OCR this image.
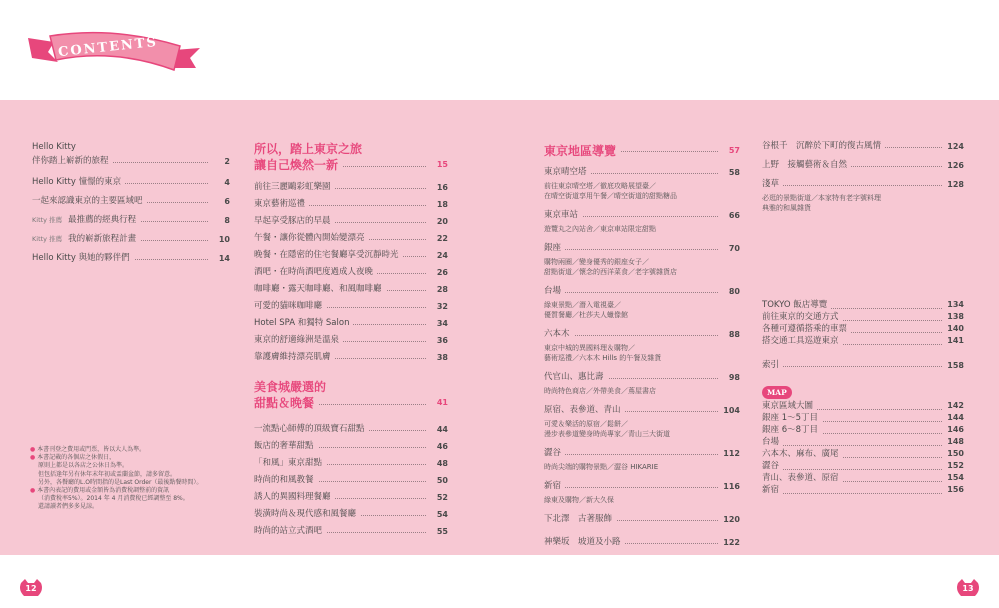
CONTENTS
Hello Kitty
伴你踏上嶄新的旅程	2
Hello Kitty 憧憬的東京	4
一起來認識東京的主要區域吧	6
Kitty 推薦 最推薦的經典行程	8
Kitty 推薦 我的嶄新旅程計畫	10
Hello Kitty 與她的夥伴們	14
● 本書刊登之費用或門票，皆以大人為準。
● 本書記載的各個店之休假日，
原則上都是以各店之公休日為準。
但包括逢年另有休年末年初或盂蘭盆節，請多留意。
另外，各餐廳的L.O時間指的是Last Order（最後點餐時間）。
● 本書內表記的費用或金額皆為消費稅調整前的資訊
（消費稅率5%）。2014 年 4 月消費稅已經調整至 8%。
還請讀者們多多見諒。
所以，踏上東京之旅
讓自己煥然一新	15
前往三麗鷗彩虹樂園	16
東京藝術巡禮	18
早起享受豚店的早晨	20
午餐・讓你從體內開始變漂亮	22
晚餐・在隱密的住宅餐廳享受沉靜時光	24
酒吧・在時尚酒吧度過成人夜晚	26
咖啡廳・露天咖啡廳、和風咖啡廳	28
可愛的貓咪咖啡廳	32
Hotel SPA 和獨特 Salon	34
東京的舒適綠洲是溫泉	36
靠護膚維持漂亮肌膚	38
美食城嚴選的
甜點＆晚餐	41
一流點心師傅的頂級寶石甜點	44
飯店的奢華甜點	46
「和風」東京甜點	48
時尚的和風教餐	50
誘人的異國料理餐廳	52
裝潢時尚＆現代感和風餐廳	54
時尚的站立式酒吧	55
東京地區導覽	57
東京晴空塔	58
前往東京晴空塔／徹底攻略展望臺／
在晴空街道享用午餐／晴空街道的甜點糖品
東京車站	66
遊覽丸之內站舍／東京車站限定甜點
銀座	70
購物兩圈／變身優秀的銀座女子／
甜點街道／懷念的西洋菜食／老字號雜貨店
台場	80
綠東景點／潛入電視臺／
優質餐廳／杜莎夫人蠟像館
六本木	88
東京中城的異國料理＆購物／
藝術巡禮／六本木 Hills 的午餐及雜貨
代官山、惠比壽	98
時尚特色商店／外帶美食／蔦屋書店
原宿、表參道、青山	104
可愛＆樂活的原宿／鬆餅／
漫步表參道變身時尚專家／青山三大街道
澀谷	112
時尚尖端的購物景點／澀谷 HIKARIE
新宿	116
綠東及購物／新大久保
下北澤　古著服飾	120
神樂坂　坡道及小路	122
谷根千　沉醉於下町的復古風情	124
上野　接觸藝術＆自然	126
淺草	128
必逛的景點街道／本家特有老字號料理
典雅的和風雜貨
TOKYO 飯店導覽	134
前往東京的交通方式	138
各種可遵循搭乘的車票	140
搭交通工具巡遊東京	141
索引	158
MAP
東京區域大圖	142
銀座 1〜5丁目	144
銀座 6〜8丁目	146
台場	148
六本木、麻布、廣尾	150
澀谷	152
青山、表參道、原宿	154
新宿	156
12	13
